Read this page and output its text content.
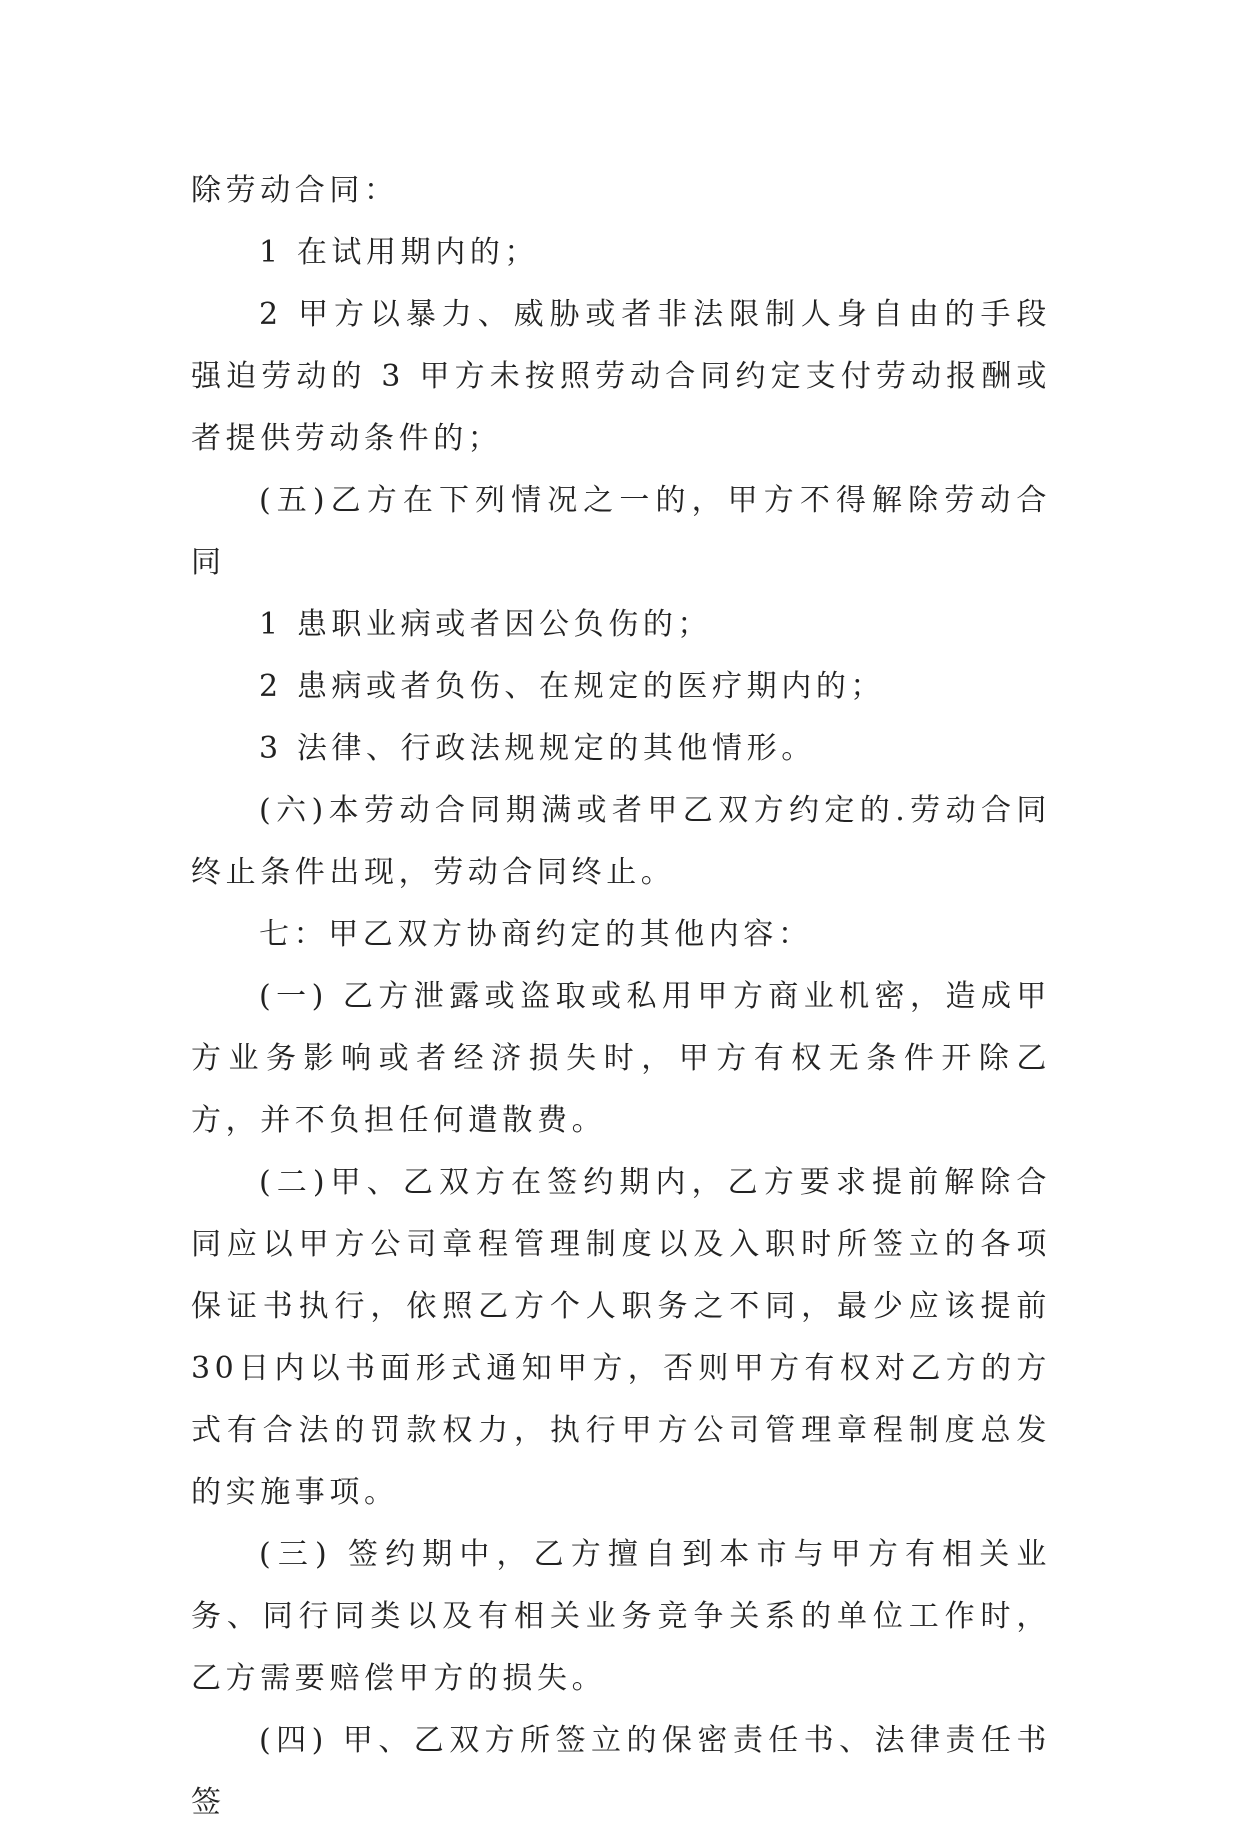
除劳动合同：

1 在试用期内的；

2 甲方以暴力、威胁或者非法限制人身自由的手段强迫劳动的 3 甲方未按照劳动合同约定支付劳动报酬或者提供劳动条件的；

(五)乙方在下列情况之一的，甲方不得解除劳动合同

1 患职业病或者因公负伤的；

2 患病或者负伤、在规定的医疗期内的；

3 法律、行政法规规定的其他情形。

(六)本劳动合同期满或者甲乙双方约定的.劳动合同终止条件出现，劳动合同终止。

七：甲乙双方协商约定的其他内容：

(一) 乙方泄露或盗取或私用甲方商业机密，造成甲方业务影响或者经济损失时，甲方有权无条件开除乙方，并不负担任何遣散费。

(二)甲、乙双方在签约期内，乙方要求提前解除合同应以甲方公司章程管理制度以及入职时所签立的各项保证书执行，依照乙方个人职务之不同，最少应该提前30日内以书面形式通知甲方，否则甲方有权对乙方的方式有合法的罚款权力，执行甲方公司管理章程制度总发的实施事项。

(三) 签约期中，乙方擅自到本市与甲方有相关业务、同行同类以及有相关业务竞争关系的单位工作时，乙方需要赔偿甲方的损失。

(四) 甲、乙双方所签立的保密责任书、法律责任书签
